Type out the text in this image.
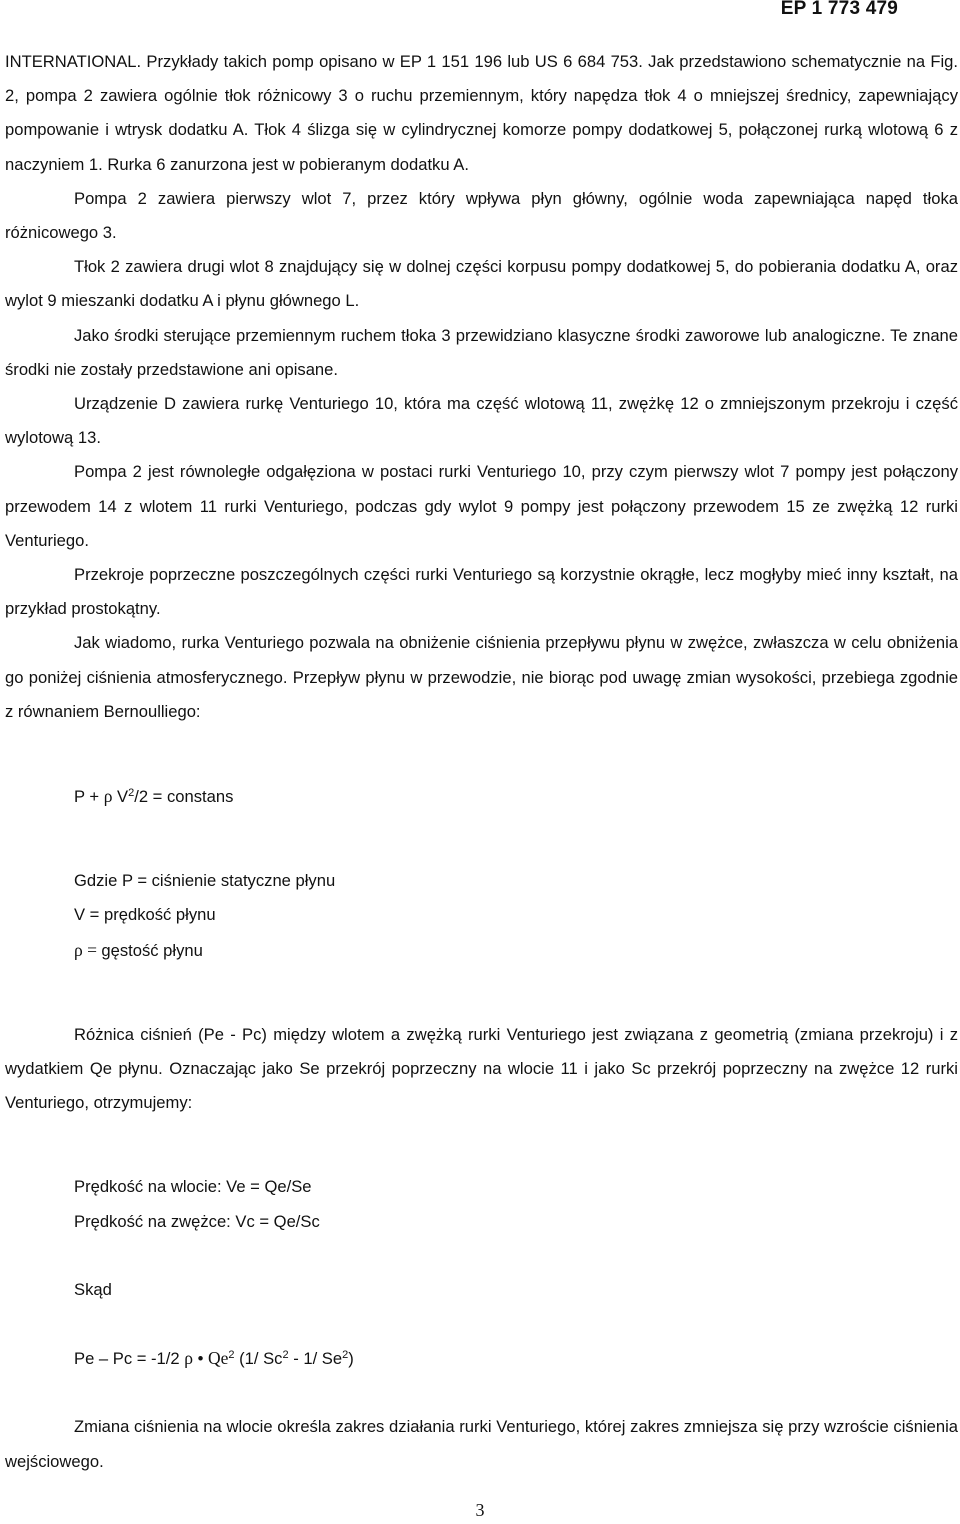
EP 1 773 479

INTERNATIONAL. Przykłady takich pomp opisano w EP 1 151 196 lub US 6 684 753. Jak przedstawiono schematycznie na Fig. 2, pompa 2 zawiera ogólnie tłok różnicowy 3 o ruchu przemiennym, który napędza tłok 4 o mniejszej średnicy, zapewniający pompowanie i wtrysk dodatku A. Tłok 4 ślizga się w cylindrycznej komorze pompy dodatkowej 5, połączonej rurką wlotową 6 z naczyniem 1. Rurka 6 zanurzona jest w pobieranym dodatku A.

Pompa 2 zawiera pierwszy wlot 7, przez który wpływa płyn główny, ogólnie woda zapewniająca napęd tłoka różnicowego 3.

Tłok 2 zawiera drugi wlot 8 znajdujący się w dolnej części korpusu pompy dodatkowej 5, do pobierania dodatku A, oraz wylot 9 mieszanki dodatku A i płynu głównego L.

Jako środki sterujące przemiennym ruchem tłoka 3 przewidziano klasyczne środki zaworowe lub analogiczne. Te znane środki nie zostały przedstawione ani opisane.

Urządzenie D zawiera rurkę Venturiego 10, która ma część wlotową 11, zwężkę 12 o zmniejszonym przekroju i część wylotową 13.

Pompa 2 jest równoległe odgałęziona w postaci rurki Venturiego 10, przy czym pierwszy wlot 7 pompy jest połączony przewodem 14 z wlotem 11 rurki Venturiego, podczas gdy wylot 9 pompy jest połączony przewodem 15 ze zwężką 12 rurki Venturiego.

Przekroje poprzeczne poszczególnych części rurki Venturiego są korzystnie okrągłe, lecz mogłyby mieć inny kształt, na przykład prostokątny.

Jak wiadomo, rurka Venturiego pozwala na obniżenie ciśnienia przepływu płynu w zwężce, zwłaszcza w celu obniżenia go poniżej ciśnienia atmosferycznego. Przepływ płynu w przewodzie, nie biorąc pod uwagę zmian wysokości, przebiega zgodnie z równaniem Bernoulliego:

P + ρ $V^2/2$ = constans

Gdzie P = ciśnienie statyczne płynu

V = prędkość płynu

ρ = gęstość płynu

Różnica ciśnień (Pe - Pc) między wlotem a zwężką rurki Venturiego jest związana z geometrią (zmiana przekroju) i z wydatkiem Qe płynu. Oznaczając jako Se przekrój poprzeczny na wlocie 11 i jako Sc przekrój poprzeczny na zwężce 12 rurki Venturiego, otrzymujemy:

Prędkość na wlocie: Ve = Qe/Se

Prędkość na zwężce: Vc = Qe/Sc

Skąd

Pe – Pc = -1/2 ρ • Qe$^2$ (1/ Sc$^2$ - 1/ Se$^2$)

Zmiana ciśnienia na wlocie określa zakres działania rurki Venturiego, której zakres zmniejsza się przy wzroście ciśnienia wejściowego.

3
